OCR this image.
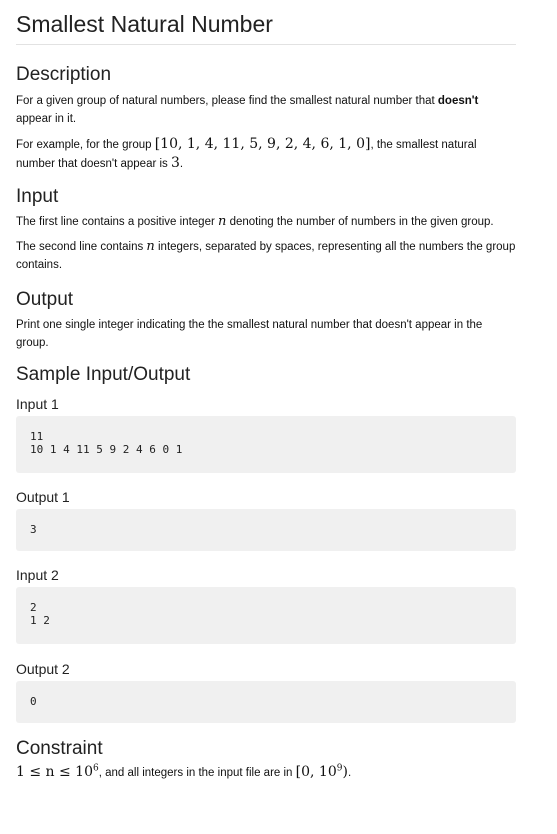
Smallest Natural Number
Description

For a given group of natural numbers, please find the smallest natural number that doesn't
appear in it.

For example, for the group [10, 1, 4, 11, 5, 9, 2, 4, 6, 1, 0], the smallest natural number that doesn't appear is 3.

Input

The first line contains a positive integer n denoting the number of numbers in the given group.

The second line contains n integers, separated by spaces, representing all the numbers the group contains.

Output

Print one single integer indicating the the smallest natural number that doesn't appear in the group.

Sample Input/Output
Input 1
11
10 1 4 11 5 9 2 4 6 0 1
Output 1
3
Input 2
2
1 2
Output 2
0
Constraint

$1 \le n \le 10^6$, and all integers in the input file are in [0, $10^9$).
